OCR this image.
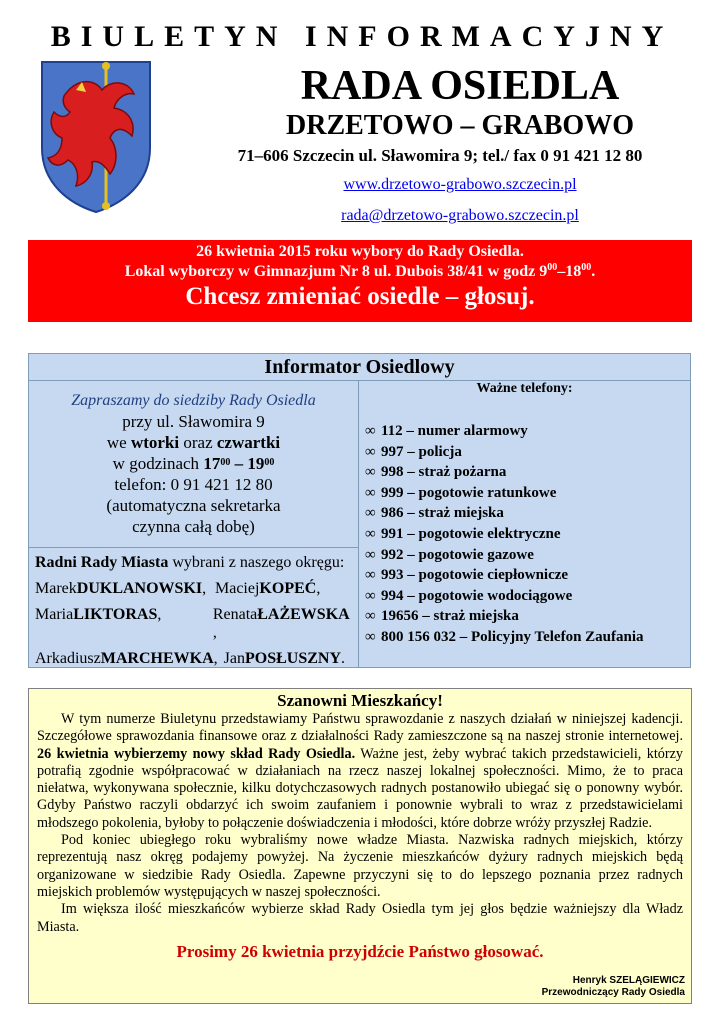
BIULETYN INFORMACYJNY
RADA OSIEDLA
DRZETOWO – GRABOWO
71–606 Szczecin ul. Sławomira 9; tel./ fax 0 91 421 12 80
www.drzetowo-grabowo.szczecin.pl
rada@drzetowo-grabowo.szczecin.pl
26 kwietnia 2015 roku wybory do Rady Osiedla.
Lokal wyborczy w Gimnazjum Nr 8 ul. Dubois 38/41 w godz $9^{00}-18^{00}$.
Chcesz zmieniać osiedle – głosuj.
Informator Osiedlowy
Zapraszamy do siedziby Rady Osiedla
przy ul. Sławomira 9
we wtorki oraz czwartki
w godzinach $17^{00} - 19^{00}$
telefon: 0 91 421 12 80
(automatyczna sekretarka
czynna całą dobę)
Radni Rady Miasta wybrani z naszego okręgu:
MarekDUKLANOWSKI, MaciejKOPEĆ,
MariaLIKTORAS,	RenataŁAŻEWSKA,
ArkadiuszMARCHEWKA, JanPOSŁUSZNY.
Ważne telefony:
∞ 112 – numer alarmowy
∞ 997 – policja
∞ 998 – straż pożarna
∞ 999 – pogotowie ratunkowe
∞ 986 – straż miejska
∞ 991 – pogotowie elektryczne
∞ 992 – pogotowie gazowe
∞ 993 – pogotowie ciepłownicze
∞ 994 – pogotowie wodociągowe
∞ 19656 – straż miejska
∞ 800 156 032 – Policyjny Telefon Zaufania
Szanowni Mieszkańcy!

W tym numerze Biuletynu przedstawiamy Państwu sprawozdanie z naszych działań w niniejszej kadencji. Szczegółowe sprawozdania finansowe oraz z działalności Rady zamieszczone są na naszej stronie internetowej. 26 kwietnia wybierzemy nowy skład Rady Osiedla. Ważne jest, żeby wybrać takich przedstawicieli, którzy potrafią zgodnie współpracować w działaniach na rzecz naszej lokalnej społeczności. Mimo, że to praca niełatwa, wykonywana społecznie, kilku dotychczasowych radnych postanowiło ubiegać się o ponowny wybór. Gdyby Państwo raczyli obdarzyć ich swoim zaufaniem i ponownie wybrali to wraz z przedstawicielami młodszego pokolenia, byłoby to połączenie doświadczenia i młodości, które dobrze wróży przyszłej Radzie.

Pod koniec ubiegłego roku wybraliśmy nowe władze Miasta. Nazwiska radnych miejskich, którzy reprezentują nasz okręg podajemy powyżej. Na życzenie mieszkańców dyżury radnych miejskich będą organizowane w siedzibie Rady Osiedla. Zapewne przyczyni się to do lepszego poznania przez radnych miejskich problemów występujących w naszej społeczności.

Im większa ilość mieszkańców wybierze skład Rady Osiedla tym jej głos będzie ważniejszy dla Władz Miasta.

Prosimy 26 kwietnia przyjdźcie Państwo głosować.
Henryk SZELĄGIEWICZ
Przewodniczący Rady Osiedla
